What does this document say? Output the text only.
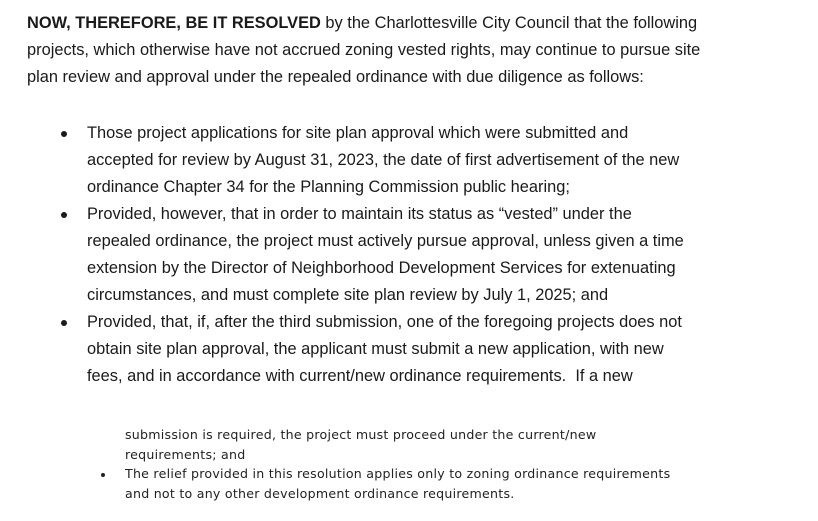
NOW, THEREFORE, BE IT RESOLVED by the Charlottesville City Council that the following
projects, which otherwise have not accrued zoning vested rights, may continue to pursue site
plan review and approval under the repealed ordinance with due diligence as follows:

Those project applications for site plan approval which were submitted and
accepted for review by August 31, 2023, the date of first advertisement of the new
ordinance Chapter 34 for the Planning Commission public hearing;
Provided, however, that in order to maintain its status as “vested” under the
repealed ordinance, the project must actively pursue approval, unless given a time
extension by the Director of Neighborhood Development Services for extenuating
circumstances, and must complete site plan review by July 1, 2025; and
Provided, that, if, after the third submission, one of the foregoing projects does not
obtain site plan approval, the applicant must submit a new application, with new
fees, and in accordance with current/new ordinance requirements.  If a new

submission is required, the project must proceed under the current/new
requirements; and

The relief provided in this resolution applies only to zoning ordinance requirements
and not to any other development ordinance requirements.
